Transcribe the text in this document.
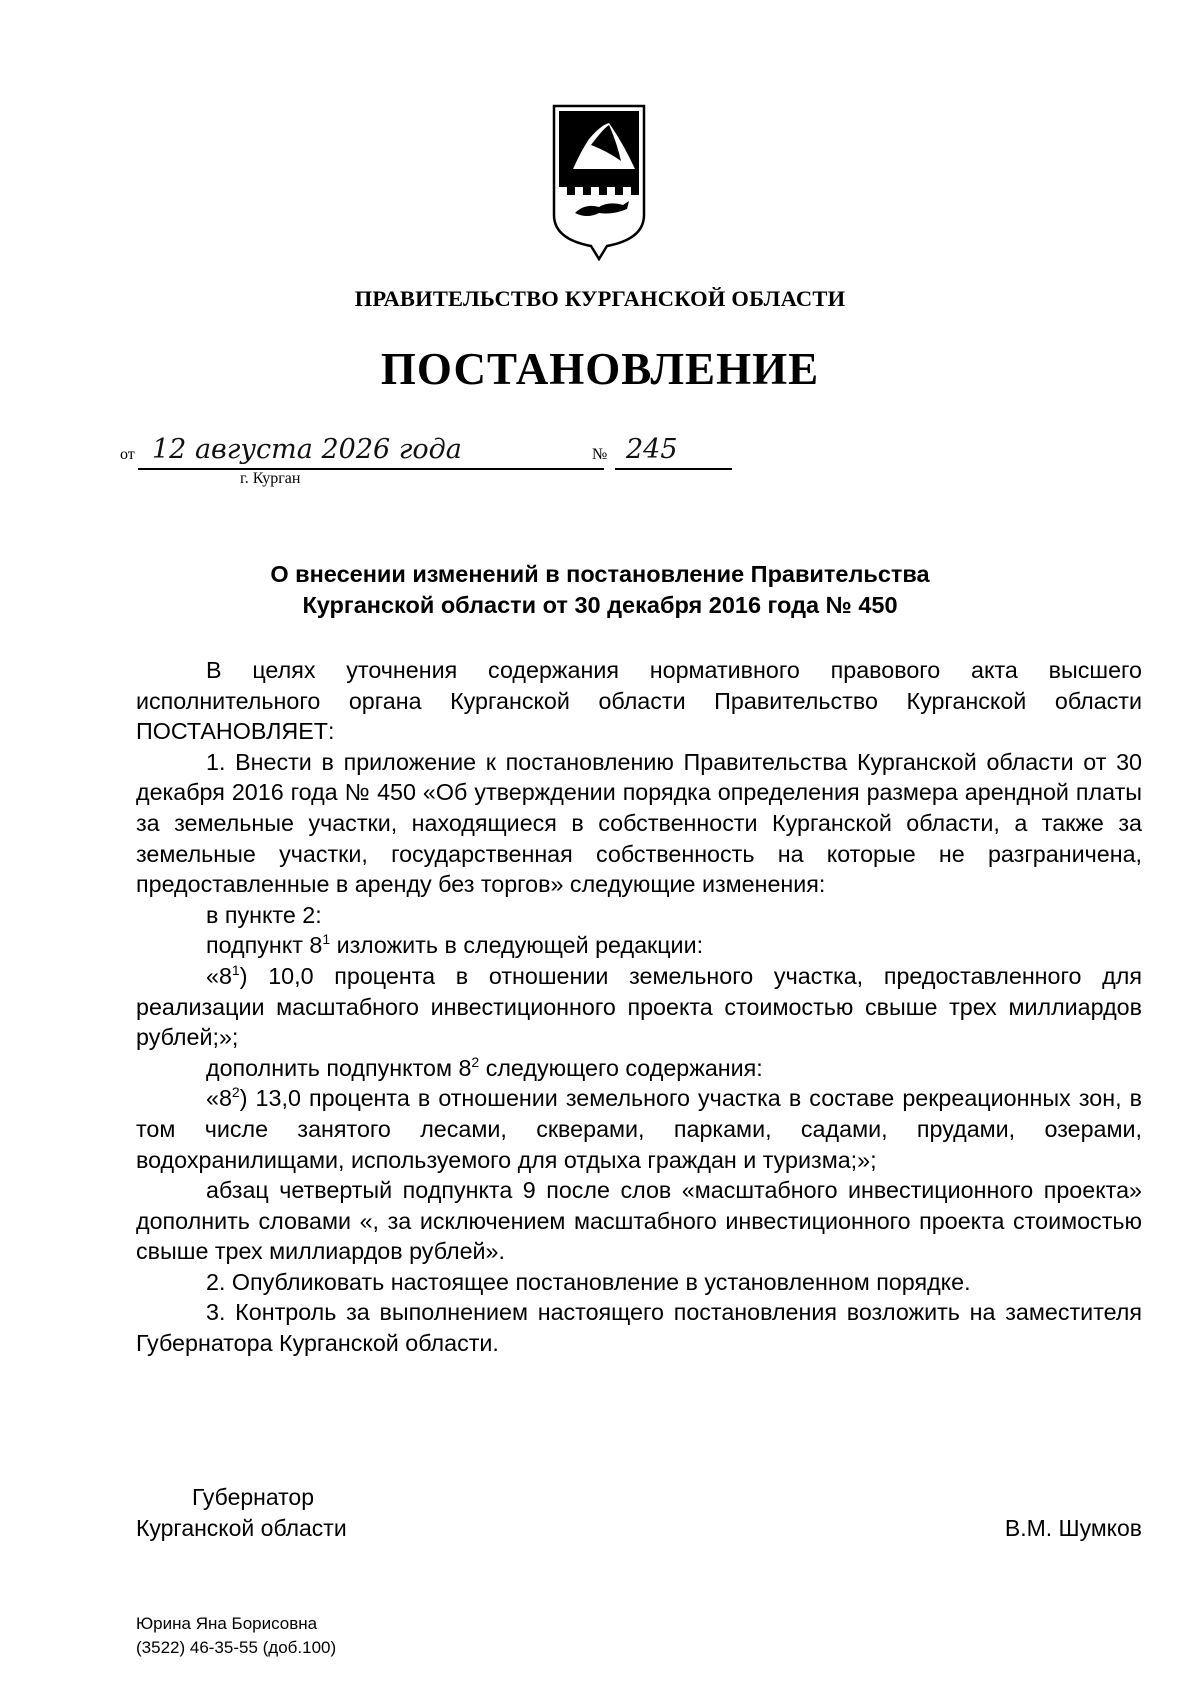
ПРАВИТЕЛЬСТВО КУРГАНСКОЙ ОБЛАСТИ
ПОСТАНОВЛЕНИЕ
от 12 августа 2026 года	№ 245
г. Курган
О внесении изменений в постановление Правительства
Курганской области от 30 декабря 2016 года № 450

В целях уточнения содержания нормативного правового акта высшего исполнительного органа Курганской области Правительство Курганской области ПОСТАНОВЛЯЕТ:

1. Внести в приложение к постановлению Правительства Курганской области от 30 декабря 2016 года № 450 «Об утверждении порядка определения размера арендной платы за земельные участки, находящиеся в собственности Курганской области, а также за земельные участки, государственная собственность на которые не разграничена, предоставленные в аренду без торгов» следующие изменения:

в пункте 2:

подпункт $8^1$ изложить в следующей редакции:

«$8^1$) 10,0 процента в отношении земельного участка, предоставленного для реализации масштабного инвестиционного проекта стоимостью свыше трех миллиардов рублей;»;

дополнить подпунктом $8^2$ следующего содержания:

«$8^2$) 13,0 процента в отношении земельного участка в составе рекреационных зон, в том числе занятого лесами, скверами, парками, садами, прудами, озерами, водохранилищами, используемого для отдыха граждан и туризма;»;

абзац четвертый подпункта 9 после слов «масштабного инвестиционного проекта» дополнить словами «, за исключением масштабного инвестиционного проекта стоимостью свыше трех миллиардов рублей».

2. Опубликовать настоящее постановление в установленном порядке.

3. Контроль за выполнением настоящего постановления возложить на заместителя Губернатора Курганской области.

Губернатор
Курганской области	В.М. Шумков
Юрина Яна Борисовна
(3522) 46-35-55 (доб.100)
